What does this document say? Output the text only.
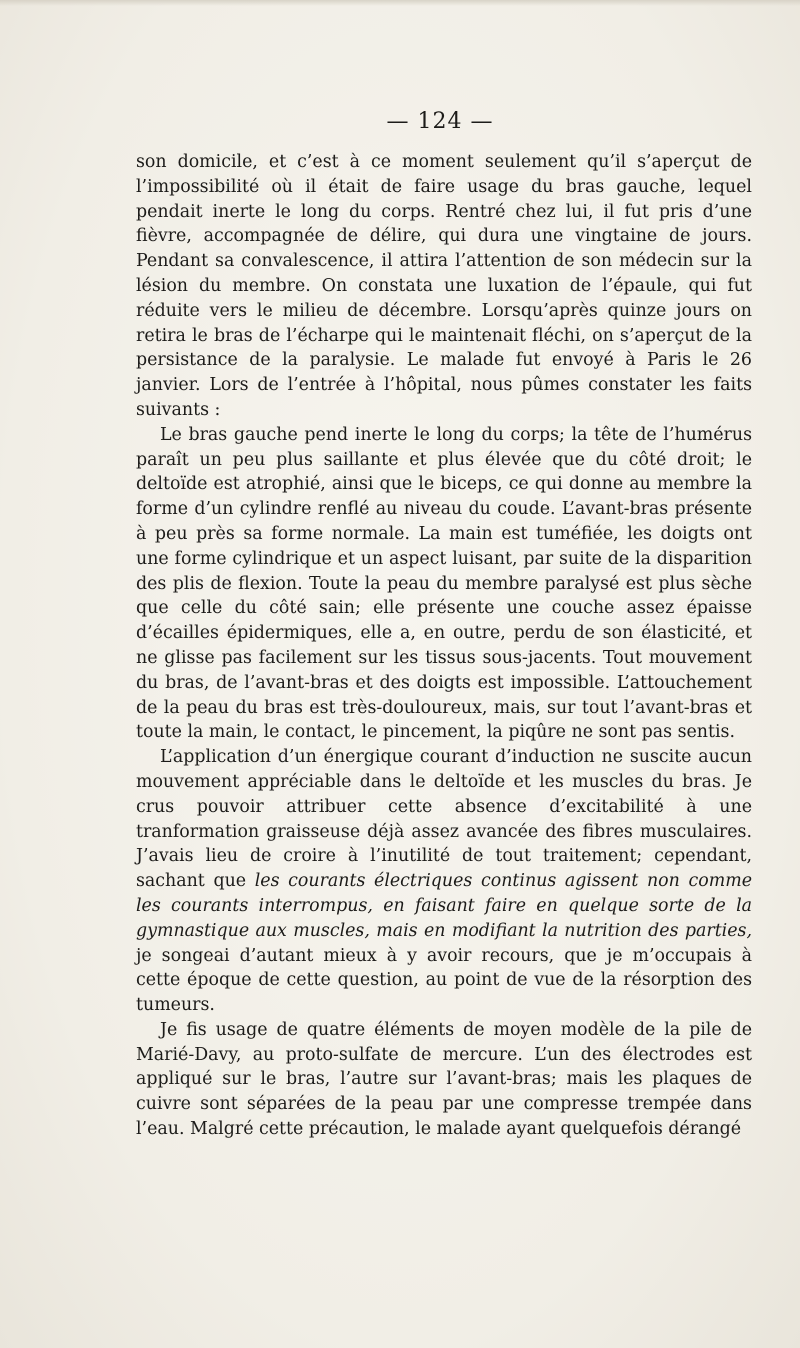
— 124 —

son domicile, et c’est à ce moment seulement qu’il s’aperçut de l’impossibilité où il était de faire usage du bras gauche, lequel pendait inerte le long du corps. Rentré chez lui, il fut pris d’une fièvre, accompagnée de délire, qui dura une vingtaine de jours. Pendant sa convalescence, il attira l’attention de son médecin sur la lésion du membre. On constata une luxation de l’épaule, qui fut réduite vers le milieu de décembre. Lorsqu’après quinze jours on retira le bras de l’écharpe qui le maintenait fléchi, on s’aperçut de la persistance de la paralysie. Le malade fut envoyé à Paris le 26 janvier. Lors de l’entrée à l’hôpital, nous pûmes constater les faits suivants :

Le bras gauche pend inerte le long du corps; la tête de l’humérus paraît un peu plus saillante et plus élevée que du côté droit; le deltoïde est atrophié, ainsi que le biceps, ce qui donne au membre la forme d’un cylindre renflé au niveau du coude. L’avant-bras présente à peu près sa forme normale. La main est tuméfiée, les doigts ont une forme cylindrique et un aspect luisant, par suite de la disparition des plis de flexion. Toute la peau du membre paralysé est plus sèche que celle du côté sain; elle présente une couche assez épaisse d’écailles épidermiques, elle a, en outre, perdu de son élasticité, et ne glisse pas facilement sur les tissus sous-jacents. Tout mouvement du bras, de l’avant-bras et des doigts est impossible. L’attouchement de la peau du bras est très-douloureux, mais, sur tout l’avant-bras et toute la main, le contact, le pincement, la piqûre ne sont pas sentis.

L’application d’un énergique courant d’induction ne suscite aucun mouvement appréciable dans le deltoïde et les muscles du bras. Je crus pouvoir attribuer cette absence d’excitabilité à une tranformation graisseuse déjà assez avancée des fibres musculaires. J’avais lieu de croire à l’inutilité de tout traitement; cependant, sachant que les courants électriques continus agissent non comme les courants interrompus, en faisant faire en quelque sorte de la gymnastique aux muscles, mais en modifiant la nutrition des parties, je songeai d’autant mieux à y avoir recours, que je m’occupais à cette époque de cette question, au point de vue de la résorption des tumeurs.

Je fis usage de quatre éléments de moyen modèle de la pile de Marié-Davy, au proto-sulfate de mercure. L’un des électrodes est appliqué sur le bras, l’autre sur l’avant-bras; mais les plaques de cuivre sont séparées de la peau par une compresse trempée dans l’eau. Malgré cette précaution, le malade ayant quelquefois dérangé
